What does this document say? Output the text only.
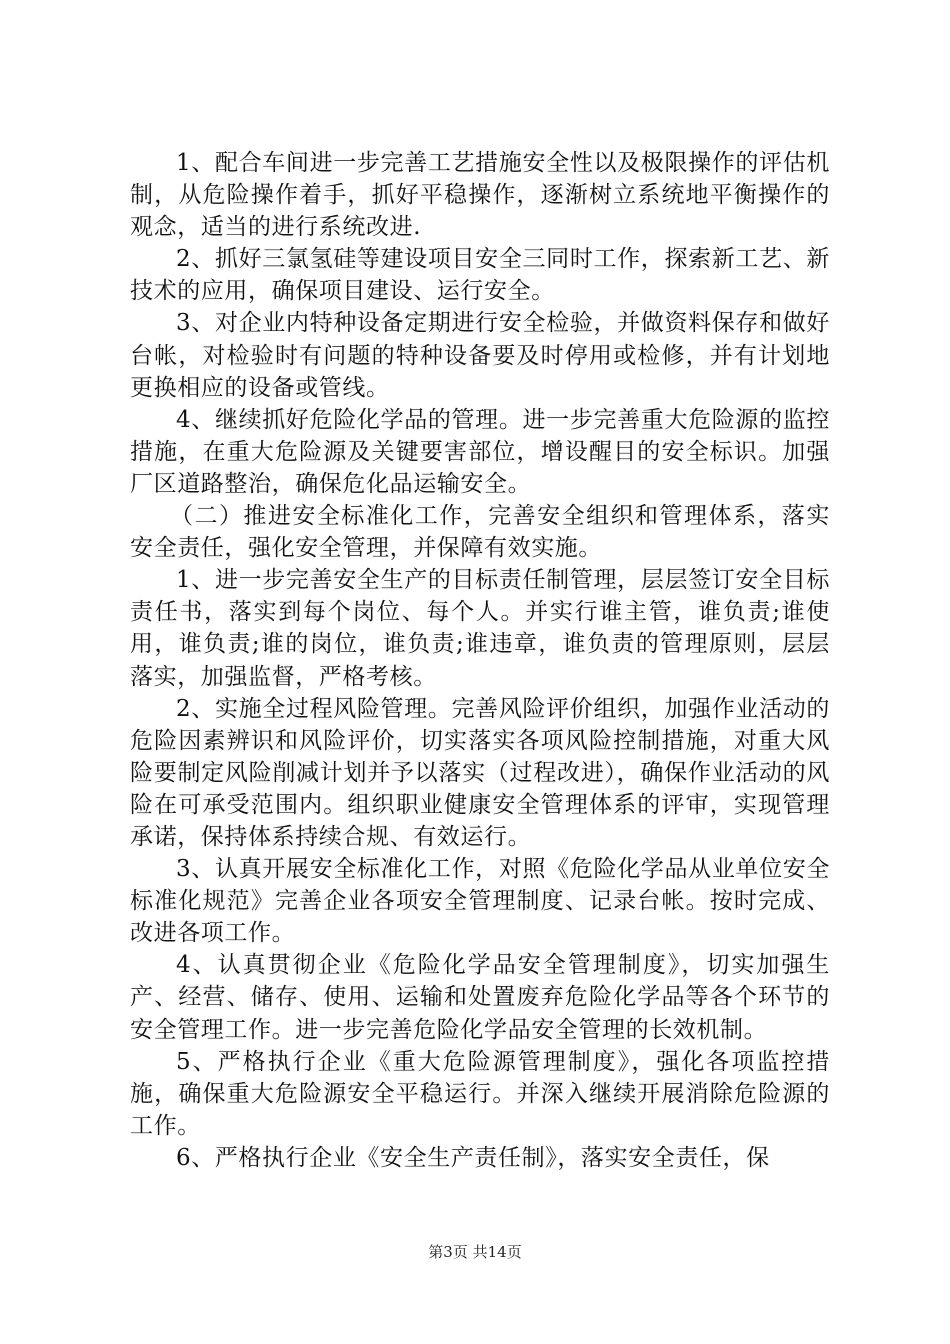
1、配合车间进一步完善工艺措施安全性以及极限操作的评估机制，从危险操作着手，抓好平稳操作，逐渐树立系统地平衡操作的观念，适当的进行系统改进.

2、抓好三氯氢硅等建设项目安全三同时工作，探索新工艺、新技术的应用，确保项目建设、运行安全。

3、对企业内特种设备定期进行安全检验，并做资料保存和做好台帐，对检验时有问题的特种设备要及时停用或检修，并有计划地更换相应的设备或管线。

4、继续抓好危险化学品的管理。进一步完善重大危险源的监控措施，在重大危险源及关键要害部位，增设醒目的安全标识。加强厂区道路整治，确保危化品运输安全。

（二）推进安全标准化工作，完善安全组织和管理体系，落实安全责任，强化安全管理，并保障有效实施。

1、进一步完善安全生产的目标责任制管理，层层签订安全目标责任书，落实到每个岗位、每个人。并实行谁主管，谁负责;谁使用，谁负责;谁的岗位，谁负责;谁违章，谁负责的管理原则，层层落实，加强监督，严格考核。

2、实施全过程风险管理。完善风险评价组织，加强作业活动的危险因素辨识和风险评价，切实落实各项风险控制措施，对重大风险要制定风险削减计划并予以落实（过程改进），确保作业活动的风险在可承受范围内。组织职业健康安全管理体系的评审，实现管理承诺，保持体系持续合规、有效运行。

3、认真开展安全标准化工作，对照《危险化学品从业单位安全标准化规范》完善企业各项安全管理制度、记录台帐。按时完成、改进各项工作。

4、认真贯彻企业《危险化学品安全管理制度》，切实加强生产、经营、储存、使用、运输和处置废弃危险化学品等各个环节的安全管理工作。进一步完善危险化学品安全管理的长效机制。

5、严格执行企业《重大危险源管理制度》，强化各项监控措施，确保重大危险源安全平稳运行。并深入继续开展消除危险源的工作。

6、严格执行企业《安全生产责任制》，落实安全责任，保

第3页 共14页
